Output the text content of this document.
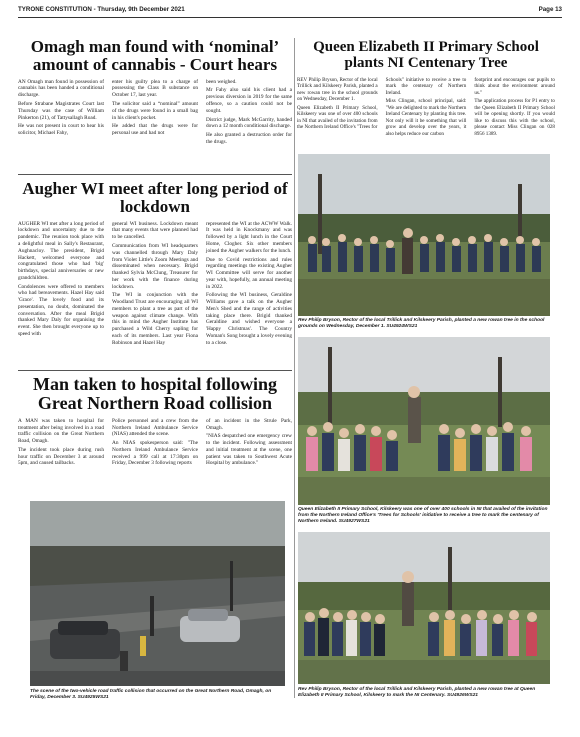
TYRONE CONSTITUTION - Thursday, 9th December 2021	Page 13
Omagh man found with ‘nominal’ amount of cannabis - Court hears

AN Omagh man found in possession of cannabis has been handed a conditional discharge.

Before Strabane Magistrates Court last Thursday was the case of William Pinkerton (21), of Tattysallagh Road.

He was not present in court to hear his solicitor, Michael Fahy,

enter his guilty plea to a charge of possessing the Class B substance on October 17, last year.

The solicitor said a “nominal” amount of the drugs were found in a small bag in his client's pocket.

He added that the drugs were for personal use and had not

been weighed.

Mr Fahy also said his client had a previous diversion in 2019 for the same offence, so a caution could not be sought.

District judge, Mark McGarrity, handed down a 12 month conditional discharge.

He also granted a destruction order for the drugs.

Augher WI meet after long period of lockdown

AUGHER WI met after a long period of lockdown and uncertainty due to the pandemic. The reunion took place with a delightful meal in Sally's Restaurant, Aughnacloy. The president, Brigid Hackett, welcomed everyone and congratulated those who had 'big' birthdays, special anniversaries or new grandchildren.

Condolences were offered to members who had bereavements. Hazel Hay said 'Grace'. The lovely food and its presentation, no doubt, dominated the conversation. After the meal Brigid thanked Mary Daly for organising the event. She then brought everyone up to speed with

general WI business. Lockdown meant that many events that were planned had to be cancelled.

Communication from WI headquarters was channelled through Mary Daly from Violet Little's Zoom Meetings and disseminated when necessary. Brigid thanked Sylvia McClung, Treasurer for her work with the finance during lockdown.

The WI in conjunction with the Woodland Trust are encouraging all WI members to plant a tree as part of the weapon against climate change. With this in mind the Augher Institute has purchased a Wild Cherry sapling for each of its members. Last year Fiona Robinson and Hazel Hay

represented the WI at the ACWW Walk. It was held in Knockmany and was followed by a light lunch in the Court Home, Clogher. Six other members joined the Augher walkers for the lunch.

Due to Covid restrictions and rules regarding meetings the existing Augher WI Committee will serve for another year with, hopefully, an annual meeting in 2022.

Following the WI business, Geraldine Williams gave a talk on the Augher Men's Shed and the range of activities taking place there. Brigid thanked Geraldine and wished everyone a 'Happy Christmas'. The Country Woman's Song brought a lovely evening to a close.

Man taken to hospital following Great Northern Road collision

A MAN was taken to hospital for treatment after being involved in a road traffic collision on the Great Northern Road, Omagh.

The incident took place during rush hour traffic on December 3 at around 5pm, and caused tailbacks.

Police personnel and a crew from the Northern Ireland Ambulance Service (NIAS) attended the scene.

An NIAS spokesperson said: "The Northern Ireland Ambulance Service received a 999 call at 17:30pm on Friday, December 3 following reports

of an incident in the Strule Park, Omagh.

"NIAS despatched one emergency crew to the incident. Following assessment and initial treatment at the scene, one patient was taken to Southwest Acute Hospital by ambulance."

The scene of the two-vehicle road traffic collision that occurred on the Great Northern Road, Omagh, on Friday, December 3. SU4925WS21
Queen Elizabeth II Primary School plants NI Centenary Tree

REV Philip Bryson, Rector of the local Trillick and Kilskeery Parish, planted a new rowan tree in the school grounds on Wednesday, December 1.

Queen Elizabeth II Primary School, Kilskeery was one of over 400 schools in NI that availed of the invitation from the Northern Ireland Office's "Trees for

Schools" initiative to receive a tree to mark the centenary of Northern Ireland.

Miss Clingan, school principal, said: "We are delighted to mark the Northern Ireland Centenary by planting this tree. Not only will it be something that will grow and develop over the years, it also helps reduce our carbon

footprint and encourages our pupils to think about the environment around us."

The application process for P1 entry to the Queen Elizabeth II Primary School will be opening shortly. If you would like to discuss this with the school, please contact Miss Clingan on 028 8956 1389.

Rev Philip Bryson, Rector of the local Trillick and Kilskeery Parish, planted a new rowan tree in the school grounds on Wednesday, December 1. SU4924WS21
Queen Elizabeth II Primary School, Kilskeery was one of over 400 schools in NI that availed of the invitation from the Northern Ireland Office's 'Trees for Schools' initiative to receive a tree to mark the centenary of Northern Ireland. SU4927WS21
Rev Philip Bryson, Rector of the local Trillick and Kilskeery Parish, planted a new rowan tree at Queen Elizabeth II Primary School, Kilskeery to mark the NI Centenary. SU4926WS21
